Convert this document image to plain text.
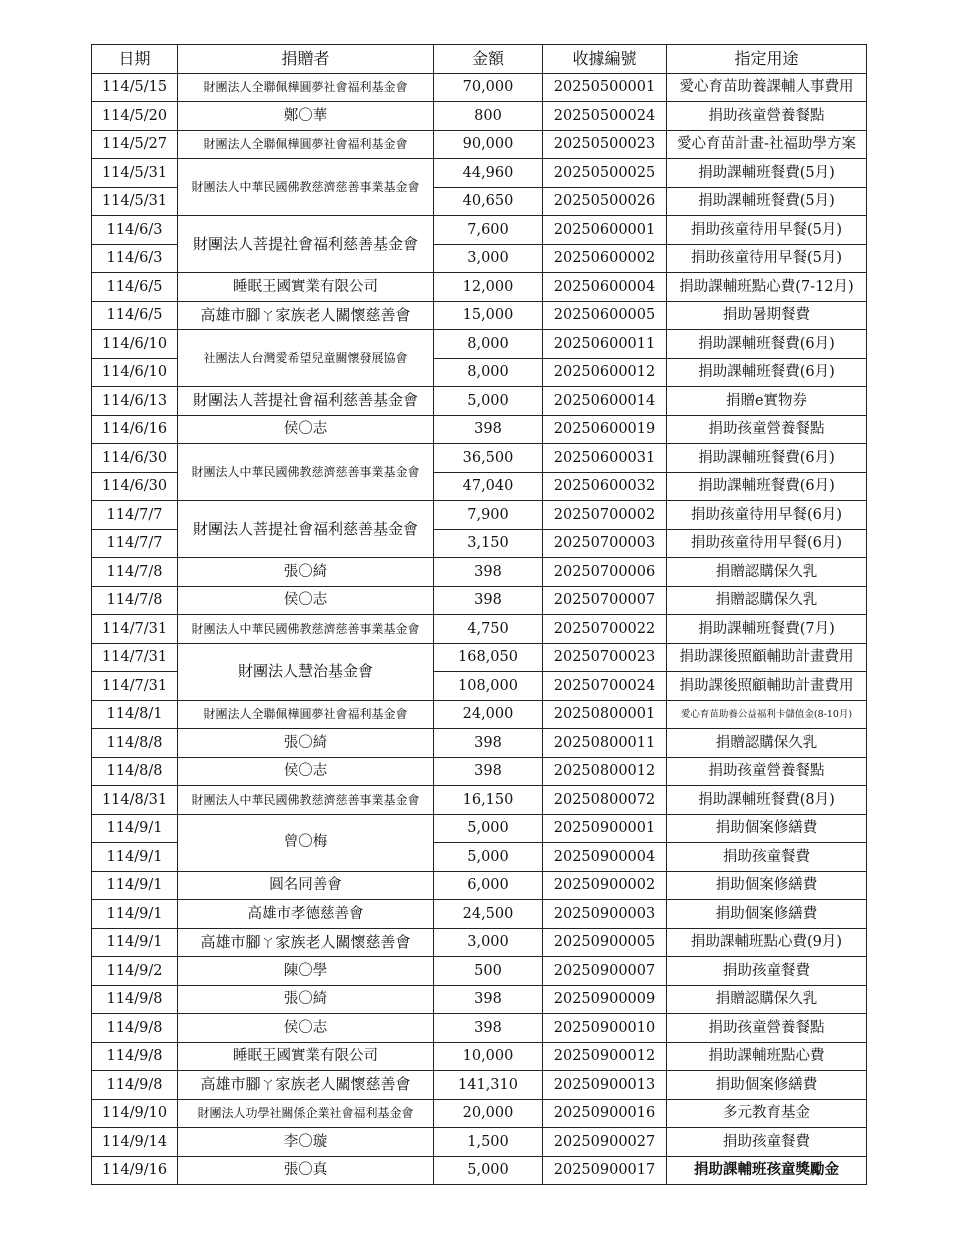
日期	捐贈者	金額	收據編號	指定用途
114/5/15	財團法人全聯佩樺圓夢社會福利基金會	70,000	20250500001	愛心育苗助養課輔人事費用
114/5/20	鄭〇華	800	20250500024	捐助孩童營養餐點
114/5/27	財團法人全聯佩樺圓夢社會福利基金會	90,000	20250500023	愛心育苗計畫-社福助學方案
114/5/31	財團法人中華民國佛教慈濟慈善事業基金會	44,960	20250500025	捐助課輔班餐費(5月)
114/5/31		40,650	20250500026	捐助課輔班餐費(5月)
114/6/3	財團法人菩提社會福利慈善基金會	7,600	20250600001	捐助孩童待用早餐(5月)
114/6/3		3,000	20250600002	捐助孩童待用早餐(5月)
114/6/5	睡眠王國實業有限公司	12,000	20250600004	捐助課輔班點心費(7-12月)
114/6/5	高雄市腳ㄚ家族老人關懷慈善會	15,000	20250600005	捐助暑期餐費
114/6/10	社團法人台灣愛希望兒童關懷發展協會	8,000	20250600011	捐助課輔班餐費(6月)
114/6/10		8,000	20250600012	捐助課輔班餐費(6月)
114/6/13	財團法人菩提社會福利慈善基金會	5,000	20250600014	捐贈e實物券
114/6/16	侯〇志	398	20250600019	捐助孩童營養餐點
114/6/30	財團法人中華民國佛教慈濟慈善事業基金會	36,500	20250600031	捐助課輔班餐費(6月)
114/6/30		47,040	20250600032	捐助課輔班餐費(6月)
114/7/7	財團法人菩提社會福利慈善基金會	7,900	20250700002	捐助孩童待用早餐(6月)
114/7/7		3,150	20250700003	捐助孩童待用早餐(6月)
114/7/8	張〇綺	398	20250700006	捐贈認購保久乳
114/7/8	侯〇志	398	20250700007	捐贈認購保久乳
114/7/31	財團法人中華民國佛教慈濟慈善事業基金會	4,750	20250700022	捐助課輔班餐費(7月)
114/7/31	財團法人慧治基金會	168,050	20250700023	捐助課後照顧輔助計畫費用
114/7/31		108,000	20250700024	捐助課後照顧輔助計畫費用
114/8/1	財團法人全聯佩樺圓夢社會福利基金會	24,000	20250800001	愛心育苗助養公益福利卡儲值金(8-10月)
114/8/8	張〇綺	398	20250800011	捐贈認購保久乳
114/8/8	侯〇志	398	20250800012	捐助孩童營養餐點
114/8/31	財團法人中華民國佛教慈濟慈善事業基金會	16,150	20250800072	捐助課輔班餐費(8月)
114/9/1	曾〇梅	5,000	20250900001	捐助個案修繕費
114/9/1		5,000	20250900004	捐助孩童餐費
114/9/1	圓名同善會	6,000	20250900002	捐助個案修繕費
114/9/1	高雄市孝德慈善會	24,500	20250900003	捐助個案修繕費
114/9/1	高雄市腳ㄚ家族老人關懷慈善會	3,000	20250900005	捐助課輔班點心費(9月)
114/9/2	陳〇學	500	20250900007	捐助孩童餐費
114/9/8	張〇綺	398	20250900009	捐贈認購保久乳
114/9/8	侯〇志	398	20250900010	捐助孩童營養餐點
114/9/8	睡眠王國實業有限公司	10,000	20250900012	捐助課輔班點心費
114/9/8	高雄市腳ㄚ家族老人關懷慈善會	141,310	20250900013	捐助個案修繕費
114/9/10	財團法人功學社關係企業社會福利基金會	20,000	20250900016	多元教育基金
114/9/14	李〇璇	1,500	20250900027	捐助孩童餐費
114/9/16	張〇真	5,000	20250900017	捐助課輔班孩童獎勵金
